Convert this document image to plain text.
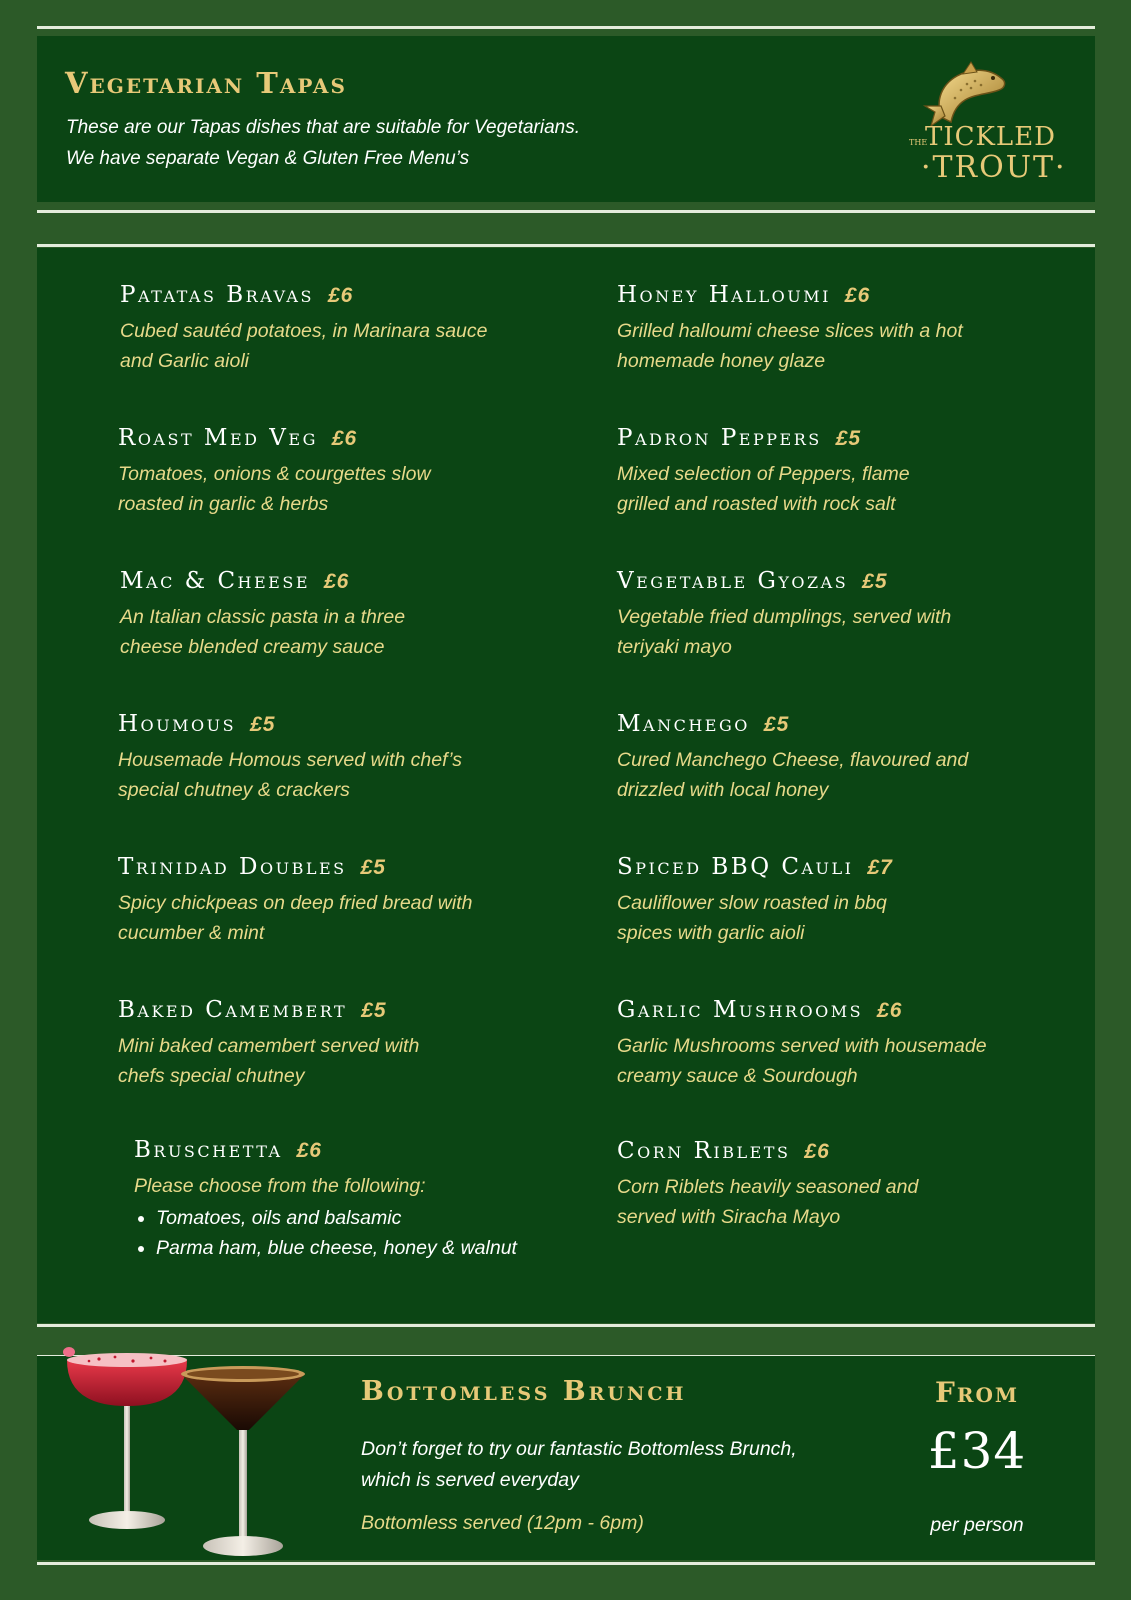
Vegetarian Tapas
These are our Tapas dishes that are suitable for Vegetarians.
We have separate Vegan & Gluten Free Menu’s
THE
TICKLED
·TROUT·
Patatas Bravas £6
Cubed sautéd potatoes, in Marinara sauce and Garlic aioli
Roast Med Veg £6
Tomatoes, onions & courgettes slow roasted in garlic & herbs
Mac & Cheese £6
An Italian classic pasta in a three cheese blended creamy sauce
Houmous £5
Housemade Homous served with chef’s special chutney & crackers
Trinidad Doubles £5
Spicy chickpeas on deep fried bread with cucumber & mint
Baked Camembert £5
Mini baked camembert served with chefs special chutney
Bruschetta £6
Please choose from the following:
Tomatoes, oils and balsamic
Parma ham, blue cheese, honey & walnut
Honey Halloumi £6
Grilled halloumi cheese slices with a hot homemade honey glaze
Padron Peppers £5
Mixed selection of Peppers, flame grilled and roasted with rock salt
Vegetable Gyozas £5
Vegetable fried dumplings, served with teriyaki mayo
Manchego £5
Cured Manchego Cheese, flavoured and drizzled with local honey
Spiced BBQ Cauli £7
Cauliflower slow roasted in bbq spices with garlic aioli
Garlic Mushrooms £6
Garlic Mushrooms served with housemade creamy sauce & Sourdough
Corn Riblets £6
Corn Riblets heavily seasoned and served with Siracha Mayo
Bottomless Brunch
Don’t forget to try our fantastic Bottomless Brunch,
which is served everyday
Bottomless served (12pm - 6pm)
From
£34
per person
